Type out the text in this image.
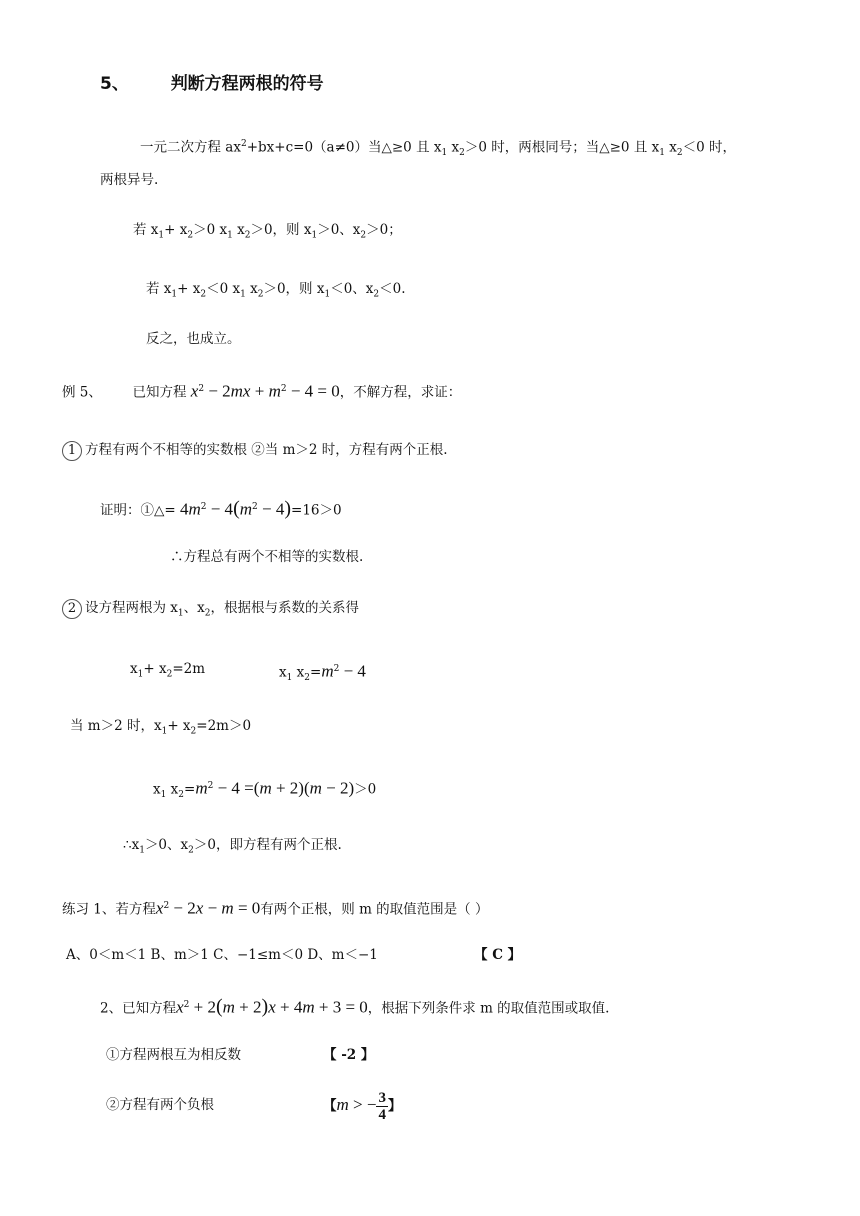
5、 判断方程两根的符号
一元二次方程 $ax^2+bx+c=0(a\ne 0)$当△≥0 且 $x_1$ $x_2>0$ 时，两根同号；当△≥0 且 $x_1$ $x_2<0$ 时，
两根异号.
若 $x_1+ x_2>0$ $x_1$ $x_2>0$，则 $x_1>0$、$x_2>0$；
若 $x_1+ x_2<0$ $x_1$ $x_2>0$，则 $x_1<0$、$x_2<0$.
反之，也成立。
例 5、 已知方程 $x^2 - 2mx + m^2 - 4 = 0$，不解方程，求证：
1 方程有两个不相等的实数根 ②当 m＞2 时，方程有两个正根.
证明：①△= $4m^2 - 4(m^2 - 4)=16>0$
∴方程总有两个不相等的实数根.
2 设方程两根为 $x_1$、$x_2$，根据根与系数的关系得
$x_1+ x_2=2m$	$x_1$ $x_2=m^2 - 4$
当 m＞2 时，$x_1+ x_2=2m>0$
$x_1$ $x_2=m^2 - 4 =(m + 2)(m - 2)>0$
$\therefore x_1>0$、$x_2>0$，即方程有两个正根.
练习 1、若方程$x^2 - 2x - m = 0$有两个正根，则 m 的取值范围是（ ）
A、0＜m＜1 B、m＞1 C、−1≤m＜0 D、m＜−1	【 C 】
2、已知方程$x^2 + 2(m + 2)x + 4m + 3 = 0$，根据下列条件求 m 的取值范围或取值.
①方程两根互为相反数	【 -2 】
②方程有两个负根	【m > − $\frac{3}{4}$ 】
